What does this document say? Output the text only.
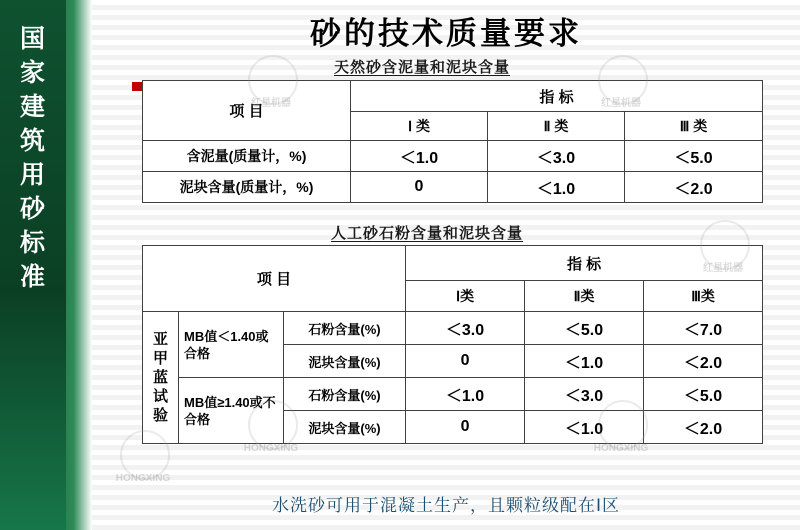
国
家
建
筑
用
砂
标
准
砂的技术质量要求
天然砂含泥量和泥块含量
项 目	指 标		
	Ⅰ 类	Ⅱ 类	Ⅲ 类
含泥量(质量计，%)	＜1.0	＜3.0	＜5.0
泥块含量(质量计，%)	0	＜1.0	＜2.0
人工砂石粉含量和泥块含量
项 目			指 标		
			Ⅰ类	Ⅱ类	Ⅲ类
亚甲蓝试验	MB值＜1.40或合格	石粉含量(%)	＜3.0	＜5.0	＜7.0
		泥块含量(%)	0	＜1.0	＜2.0
	MB值≥1.40或不合格	石粉含量(%)	＜1.0	＜3.0	＜5.0
		泥块含量(%)	0	＜1.0	＜2.0
水洗砂可用于混凝土生产，且颗粒级配在Ⅰ区
红星机器	红星机器
HONGXING	HONGXING
HONGXING
红星机器
